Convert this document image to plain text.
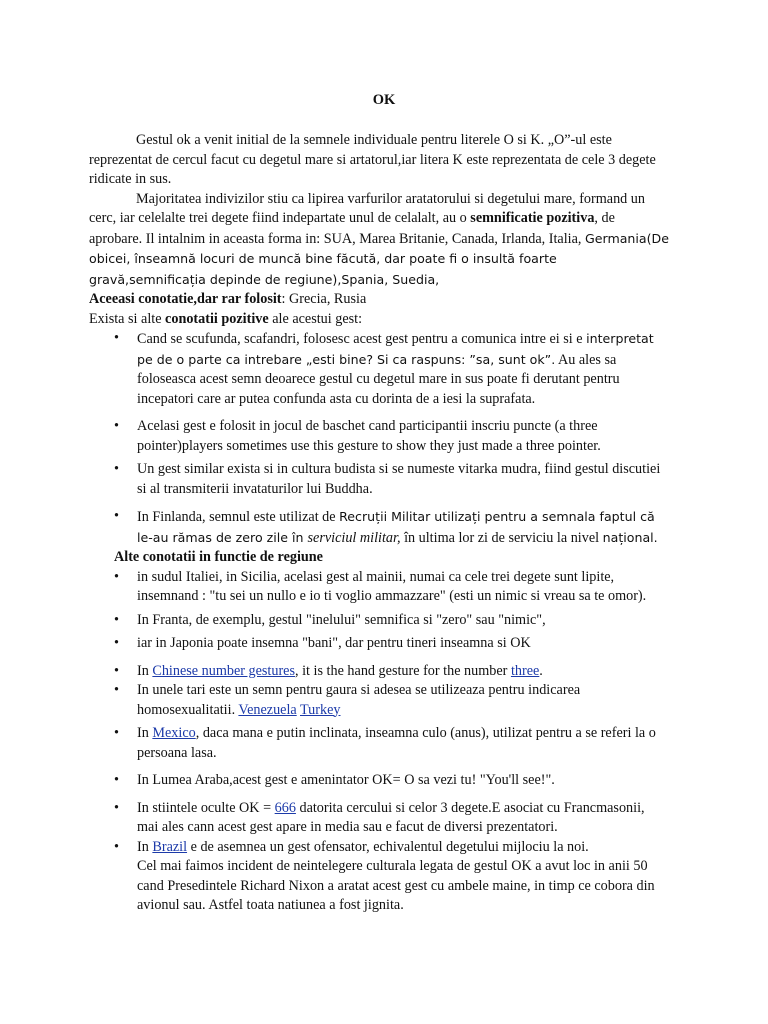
OK

Gestul ok a venit initial de la semnele individuale pentru literele O si K. „O”-ul este reprezentat de cercul facut cu degetul mare si artatorul,iar litera K este reprezentata de cele 3 degete ridicate in sus.

Majoritatea indivizilor stiu ca lipirea varfurilor aratatorului si degetului mare, formand un cerc, iar celelalte trei degete fiind indepartate unul de celalalt, au o semnificatie pozitiva, de aprobare. Il intalnim in aceasta forma in: SUA, Marea Britanie, Canada, Irlanda, Italia, Germania(De obicei, înseamnă locuri de muncă bine făcută, dar poate fi o insultă foarte gravă,semnificația depinde de regiune),Spania, Suedia,

Aceeasi conotatie,dar rar folosit: Grecia, Rusia

Exista si alte conotatii pozitive ale acestui gest:

• Cand se scufunda, scafandri, folosesc acest gest pentru a comunica intre ei si e interpretat pe de o parte ca intrebare „esti bine? Si ca raspuns: ”sa, sunt ok”. Au ales sa foloseasca acest semn deoarece gestul cu degetul mare in sus poate fi derutant pentru incepatori care ar putea confunda asta cu dorinta de a iesi la suprafata.
• Acelasi gest e folosit in jocul de baschet cand participantii inscriu puncte (a three pointer)players sometimes use this gesture to show they just made a three pointer.
• Un gest similar exista si in cultura budista si se numeste vitarka mudra, fiind gestul discutiei si al transmiterii invataturilor lui Buddha.
• In Finlanda, semnul este utilizat de Recruții Militar utilizați pentru a semnala faptul că le-au rămas de zero zile în serviciul militar, în ultima lor zi de serviciu la nivel național.
Alte conotatii in functie de regiune
• in sudul Italiei, in Sicilia, acelasi gest al mainii, numai ca cele trei degete sunt lipite, insemnand : "tu sei un nullo e io ti voglio ammazzare" (esti un nimic si vreau sa te omor).
• In Franta, de exemplu, gestul "inelului" semnifica si "zero" sau "nimic",
• iar in Japonia poate insemna "bani", dar pentru tineri inseamna si OK
• In Chinese number gestures, it is the hand gesture for the number three.
• In unele tari este un semn pentru gaura si adesea se utilizeaza pentru indicarea homosexualitatii. Venezuela Turkey
• In Mexico, daca mana e putin inclinata, inseamna culo (anus), utilizat pentru a se referi la o persoana lasa.
• In Lumea Araba,acest gest e amenintator OK= O sa vezi tu! "You'll see!".
• In stiintele oculte OK = 666 datorita cercului si celor 3 degete.E asociat cu Francmasonii, mai ales cann acest gest apare in media sau e facut de diversi prezentatori.
• In Brazil e de asemnea un gest ofensator, echivalentul degetului mijlociu la noi.

Cel mai faimos incident de neintelegere culturala legata de gestul OK a avut loc in anii 50 cand Presedintele Richard Nixon a aratat acest gest cu ambele maine, in timp ce cobora din avionul sau. Astfel toata natiunea a fost jignita.
